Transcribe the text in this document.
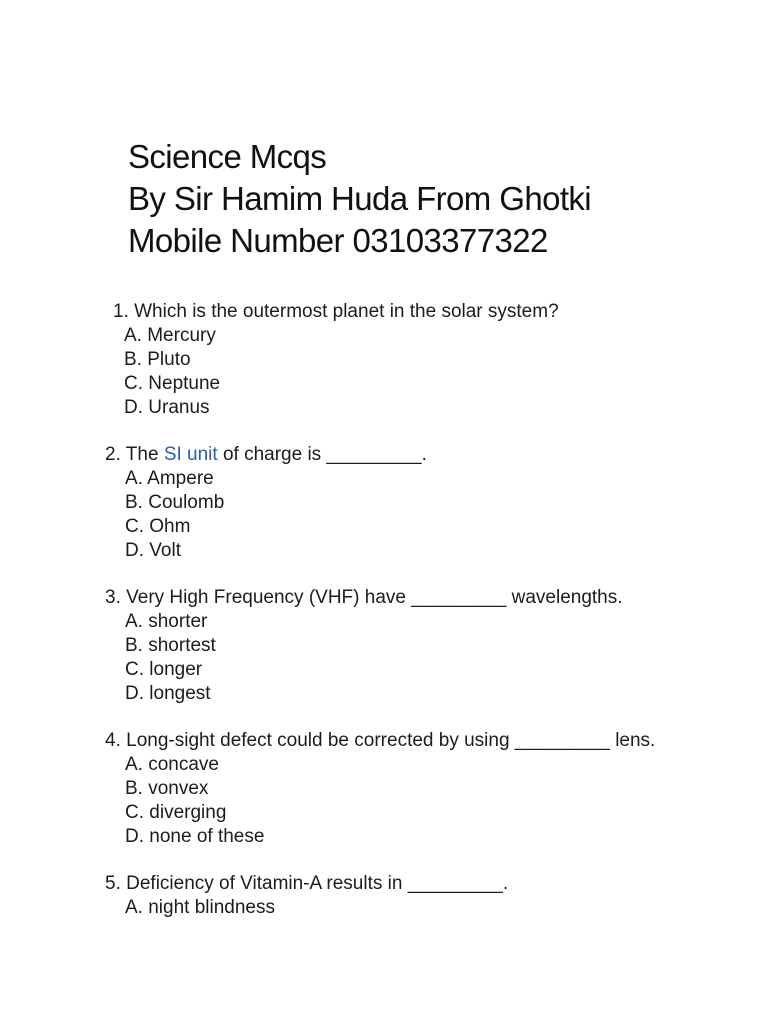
Science Mcqs
By Sir Hamim Huda From Ghotki
Mobile Number 03103377322
1. Which is the outermost planet in the solar system?
A. Mercury
B. Pluto
C. Neptune
D. Uranus
2. The SI unit of charge is _________.
A. Ampere
B. Coulomb
C. Ohm
D. Volt
3. Very High Frequency (VHF) have _________ wavelengths.
A. shorter
B. shortest
C. longer
D. longest
4. Long-sight defect could be corrected by using _________ lens.
A. concave
B. vonvex
C. diverging
D. none of these
5. Deficiency of Vitamin-A results in _________.
A. night blindness
